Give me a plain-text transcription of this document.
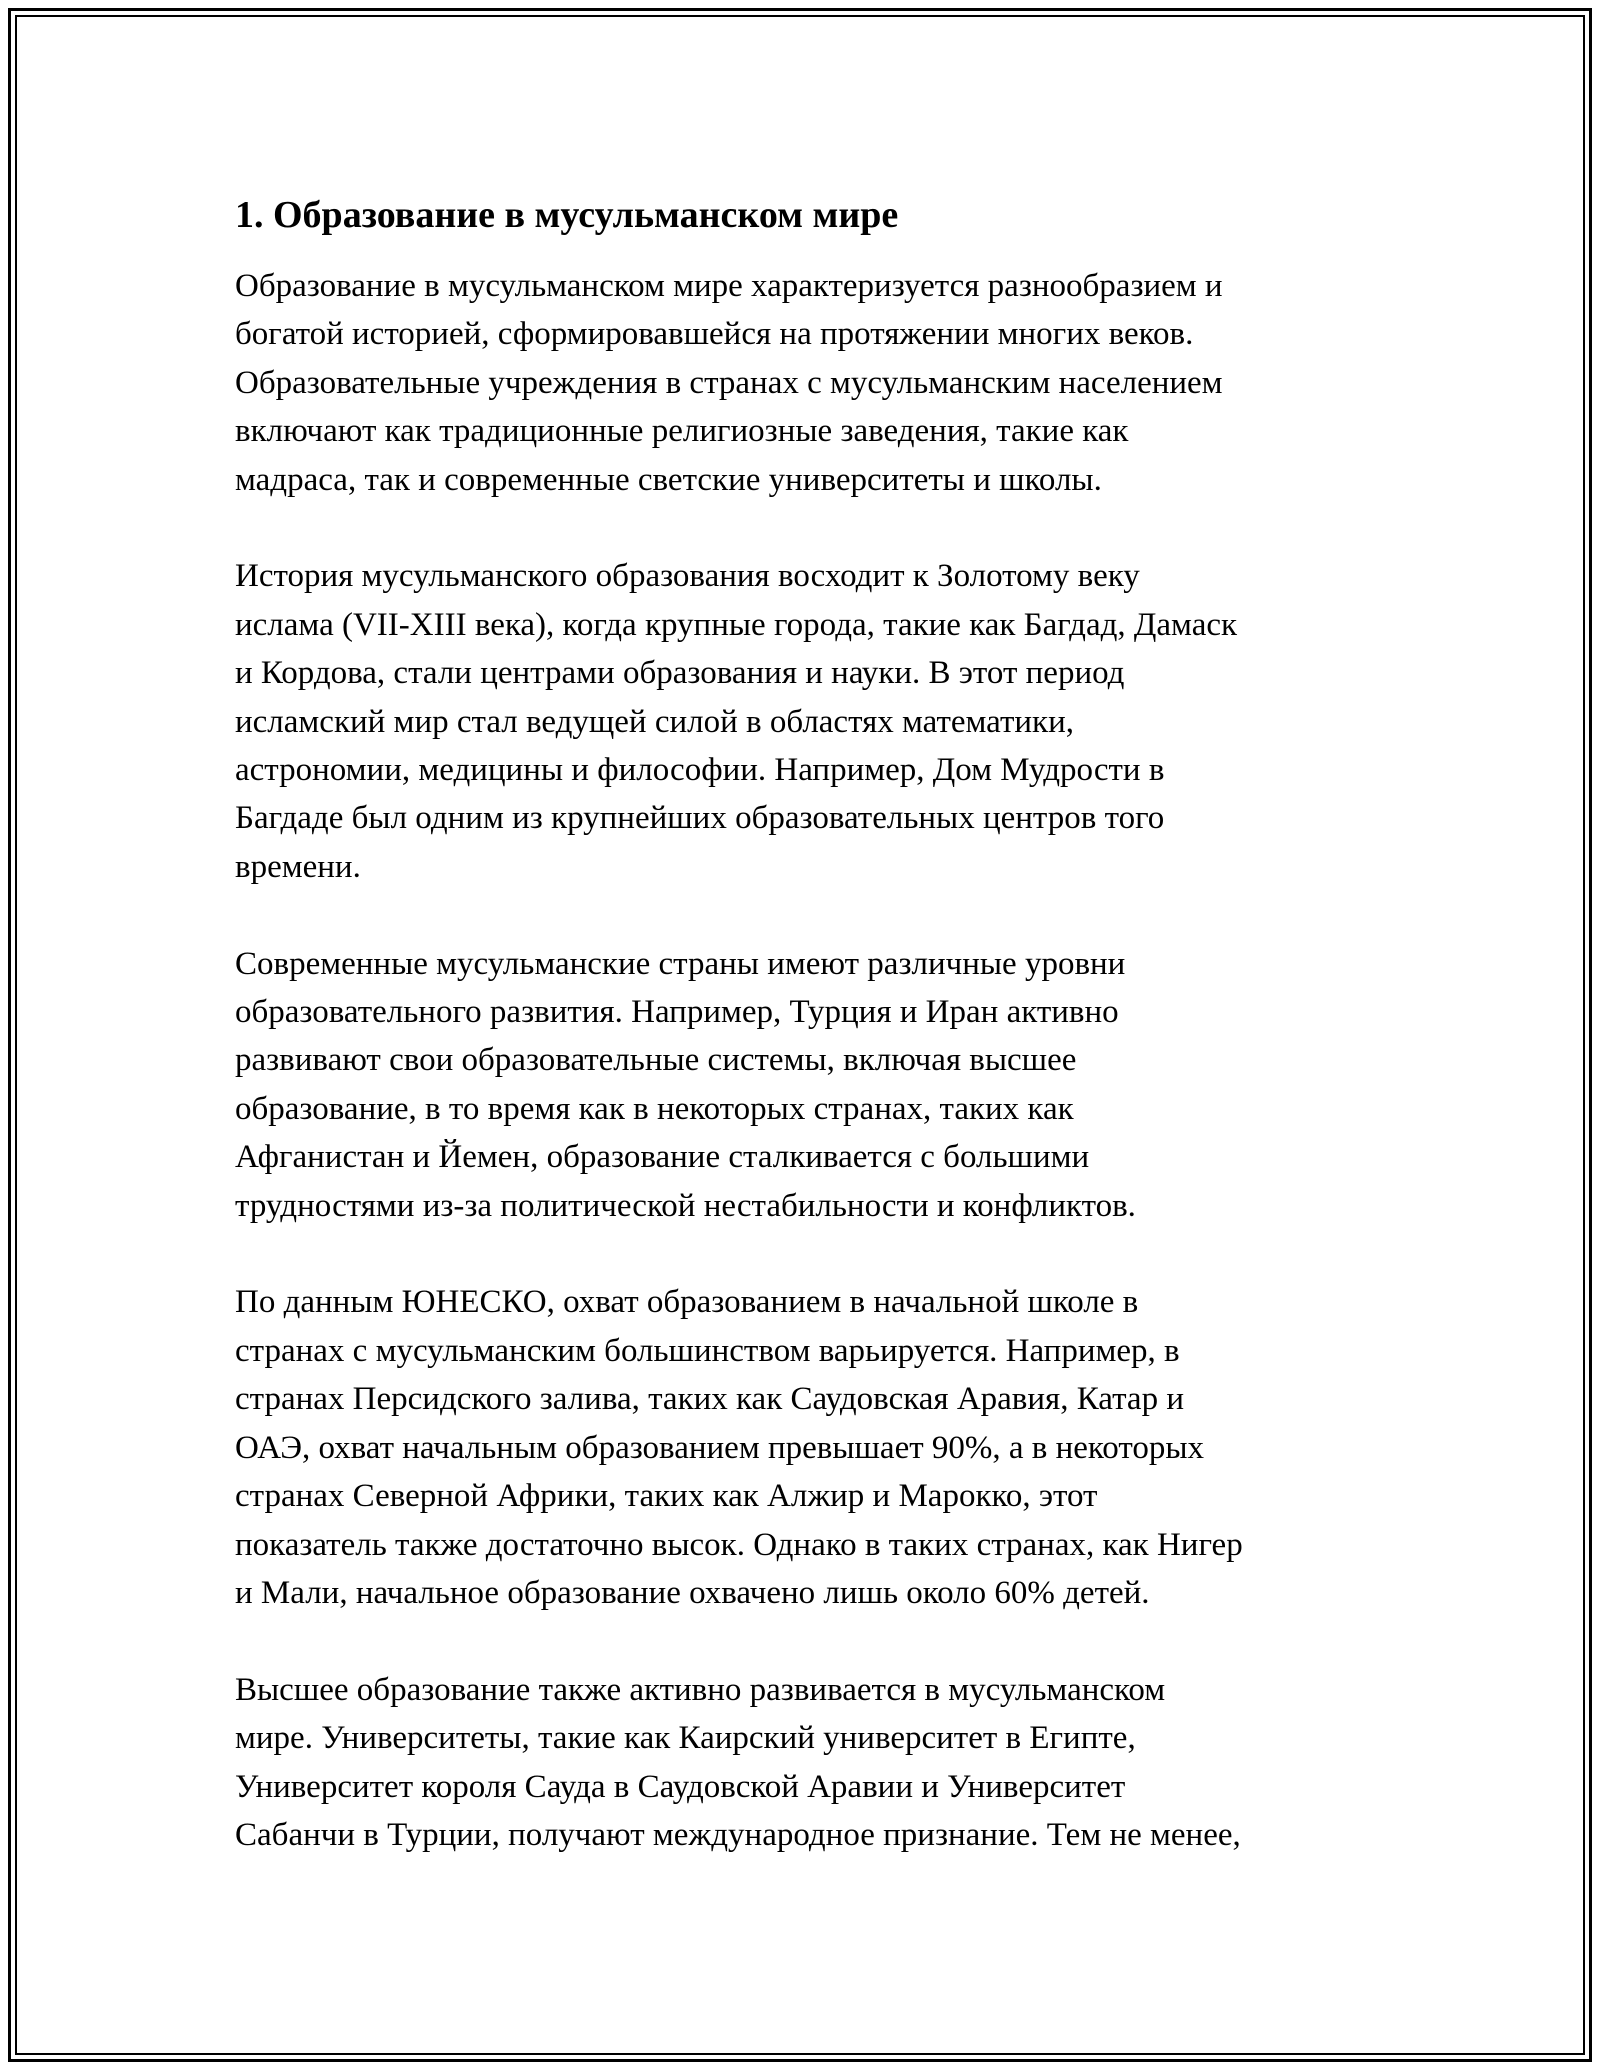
1. Образование в мусульманском мире
Образование в мусульманском мире характеризуется разнообразием и
богатой историей, сформировавшейся на протяжении многих веков.
Образовательные учреждения в странах с мусульманским населением
включают как традиционные религиозные заведения, такие как
мадраса, так и современные светские университеты и школы.
История мусульманского образования восходит к Золотому веку
ислама (VII-XIII века), когда крупные города, такие как Багдад, Дамаск
и Кордова, стали центрами образования и науки. В этот период
исламский мир стал ведущей силой в областях математики,
астрономии, медицины и философии. Например, Дом Мудрости в
Багдаде был одним из крупнейших образовательных центров того
времени.
Современные мусульманские страны имеют различные уровни
образовательного развития. Например, Турция и Иран активно
развивают свои образовательные системы, включая высшее
образование, в то время как в некоторых странах, таких как
Афганистан и Йемен, образование сталкивается с большими
трудностями из-за политической нестабильности и конфликтов.
По данным ЮНЕСКО, охват образованием в начальной школе в
странах с мусульманским большинством варьируется. Например, в
странах Персидского залива, таких как Саудовская Аравия, Катар и
ОАЭ, охват начальным образованием превышает 90%, а в некоторых
странах Северной Африки, таких как Алжир и Марокко, этот
показатель также достаточно высок. Однако в таких странах, как Нигер
и Мали, начальное образование охвачено лишь около 60% детей.
Высшее образование также активно развивается в мусульманском
мире. Университеты, такие как Каирский университет в Египте,
Университет короля Сауда в Саудовской Аравии и Университет
Сабанчи в Турции, получают международное признание. Тем не менее,
